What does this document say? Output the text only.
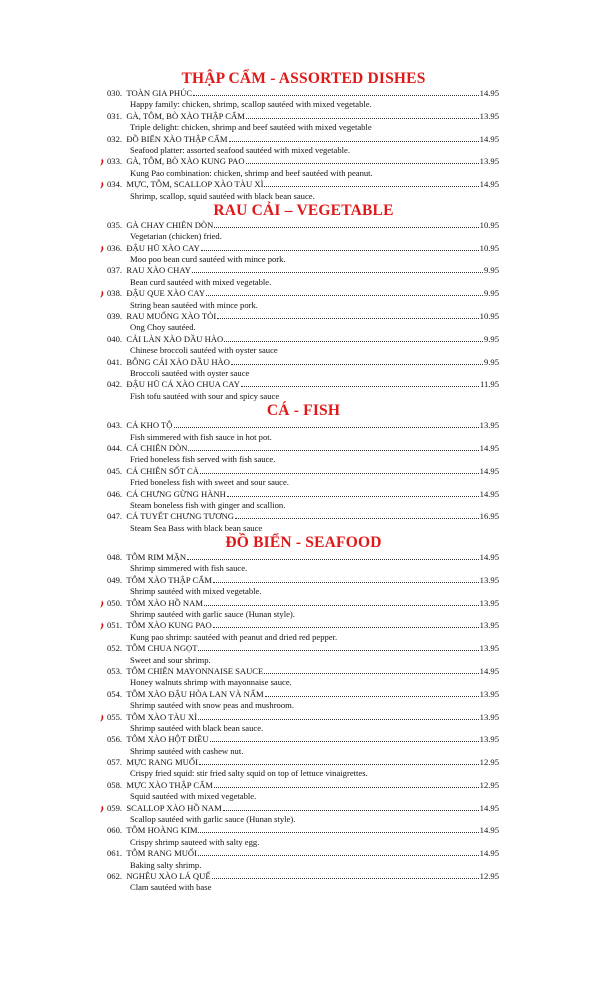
THẬP CẨM - ASSORTED DISHES
030. TOÀN GIA PHÚC	14.95
Happy family: chicken, shrimp, scallop sautéed with mixed vegetable.
031. GÀ, TÔM, BÒ XÀO THẬP CẨM	13.95
Triple delight: chicken, shrimp and beef sautéed with mixed vegetable
032. ĐỒ BIỂN XÀO THẬP CẨM	14.95
Seafood platter: assorted seafood sautéed with mixed vegetable.
033. GÀ, TÔM, BÒ XÀO KUNG PAO	13.95
Kung Pao combination: chicken, shrimp and beef sautéed with peanut.
034. MỰC, TÔM, SCALLOP XÀO TÀU XÌ	14.95
Shrimp, scallop, squid sautéed with black bean sauce.
RAU CẢI – VEGETABLE
035. GÀ CHAY CHIÊN DÒN	10.95
Vegetarian (chicken) fried.
036. ĐẬU HŨ XÀO CAY	10.95
Moo poo bean curd sautéed with mince pork.
037. RAU XÀO CHAY	9.95
Bean curd sautéed with mixed vegetable.
038. ĐẬU QUE XÀO CAY	9.95
String bean sautéed with mince pork.
039. RAU MUỐNG XÀO TỎI	10.95
Ong Choy sautéed.
040. CẢI LÀN XÀO DẦU HÀO	9.95
Chinese broccoli sautéed with oyster sauce
041. BÔNG CẢI XÀO DẦU HÀO	9.95
Broccoli sautéed with oyster sauce
042. ĐẬU HŨ CÁ XÀO CHUA CAY	11.95
Fish tofu sautéed with sour and spicy sauce
CÁ - FISH
043. CÁ KHO TỘ	13.95
Fish simmered with fish sauce in hot pot.
044. CÁ CHIÊN DÒN	14.95
Fried boneless fish served with fish sauce.
045. CÁ CHIÊN SỐT CÀ	14.95
Fried boneless fish with sweet and sour sauce.
046. CÁ CHƯNG GỪNG HÀNH	14.95
Steam boneless fish with ginger and scallion.
047. CÁ TUYẾT CHƯNG TƯƠNG	16.95
Steam Sea Bass with black bean sauce
ĐỒ BIỂN - SEAFOOD
048. TÔM RIM MẶN	14.95
Shrimp simmered with fish sauce.
049. TÔM XÀO THẬP CẨM	13.95
Shrimp sautéed with mixed vegetable.
050. TÔM XÀO HỒ NAM	13.95
Shrimp sautéed with garlic sauce (Hunan style).
051. TÔM XÀO KUNG PAO	13.95
Kung pao shrimp: sautéed with peanut and dried red pepper.
052. TÔM CHUA NGỌT	13.95
Sweet and sour shrimp.
053. TÔM CHIÊN MAYONNAISE SAUCE	14.95
Honey walnuts shrimp with mayonnaise sauce.
054. TÔM XÀO ĐẬU HÒA LAN VÀ NẤM	13.95
Shrimp sautéed with snow peas and mushroom.
055. TÔM XÀO TÀU XÌ	13.95
Shrimp sautéed with black bean sauce.
056. TÔM XÀO HỘT ĐIỀU	13.95
Shrimp sautéed with cashew nut.
057. MỰC RANG MUỐI	12.95
Crispy fried squid: stir fried salty squid on top of lettuce vinaigrettes.
058. MỰC XÀO THẬP CẨM	12.95
Squid sautéed with mixed vegetable.
059. SCALLOP XÀO HỒ NAM	14.95
Scallop sautéed with garlic sauce (Hunan style).
060. TÔM HOÀNG KIM	14.95
Crispy shrimp sauteed with salty egg.
061. TÔM RANG MUỐI	14.95
Baking salty shrimp.
062. NGHÊU XÀO LÁ QUẾ	12.95
Clam sautéed with base
